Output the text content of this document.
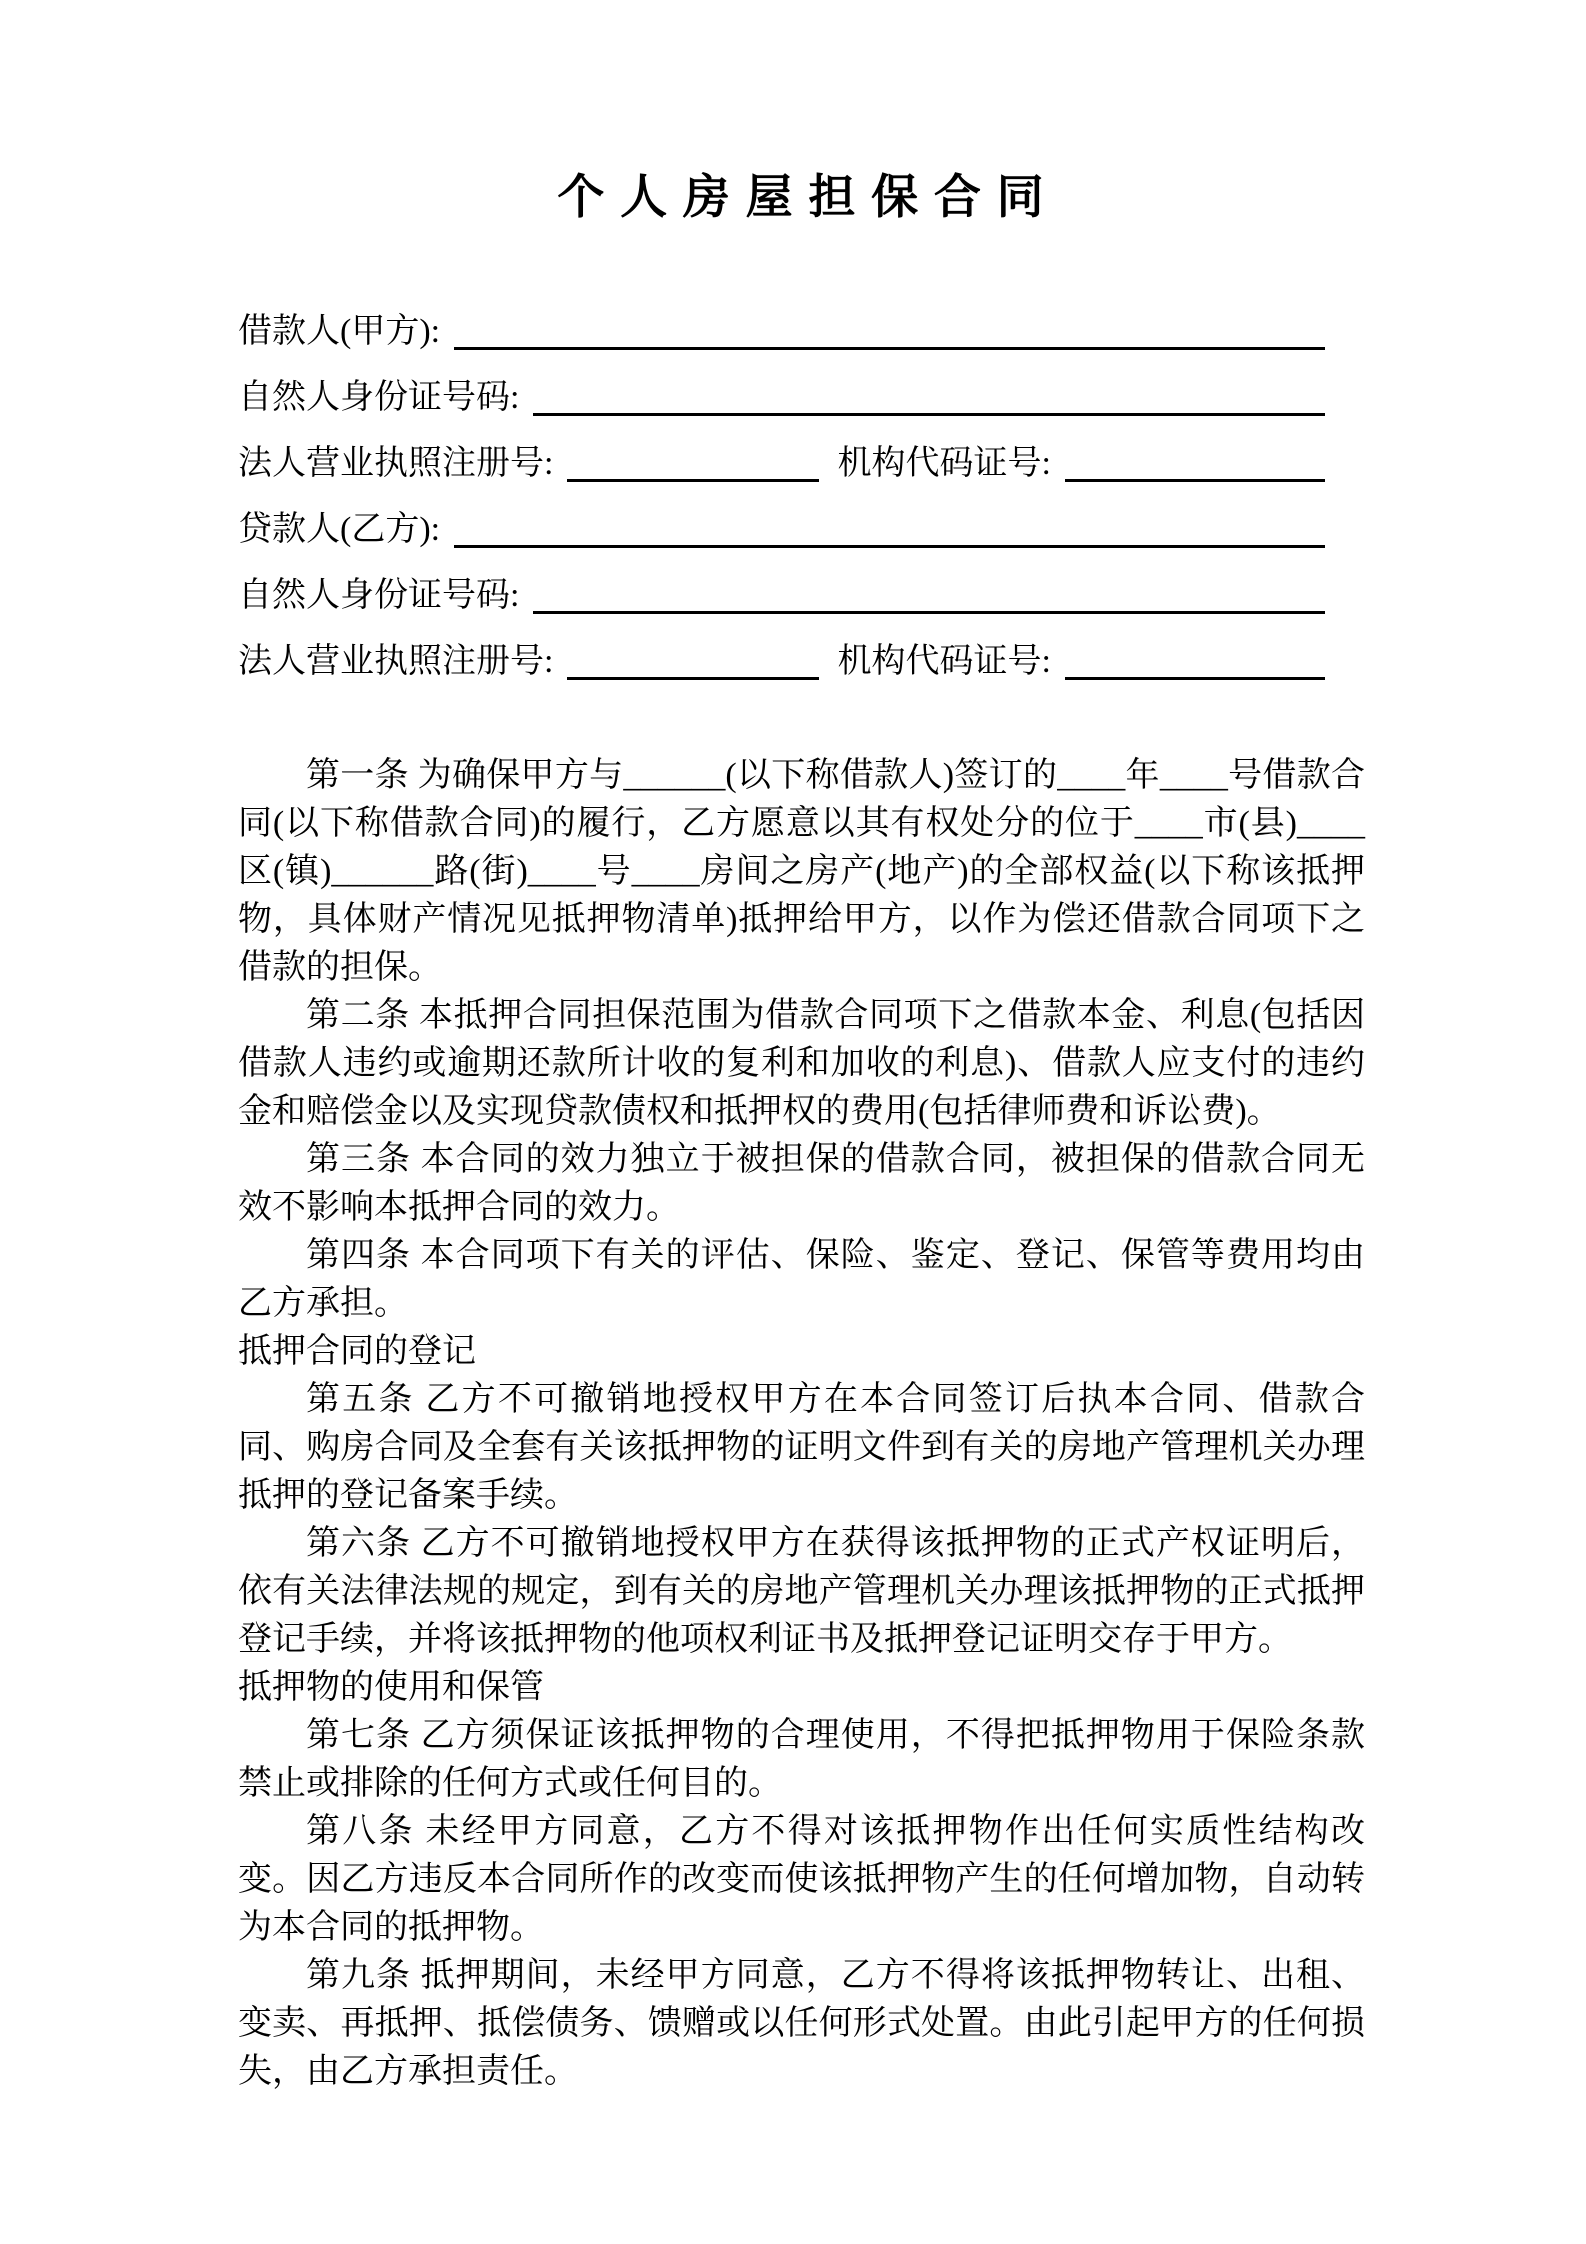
个 人 房 屋 担 保 合 同
借款人(甲方):
自然人身份证号码:
法人营业执照注册号:	机构代码证号:
贷款人(乙方):
自然人身份证号码:
法人营业执照注册号:	机构代码证号:

第一条 为确保甲方与______(以下称借款人)签订的____年____号借款合同(以下称借款合同)的履行，乙方愿意以其有权处分的位于____市(县)____区(镇)______路(街)____号____房间之房产(地产)的全部权益(以下称该抵押物，具体财产情况见抵押物清单)抵押给甲方，以作为偿还借款合同项下之借款的担保。

第二条 本抵押合同担保范围为借款合同项下之借款本金、利息(包括因借款人违约或逾期还款所计收的复利和加收的利息)、借款人应支付的违约金和赔偿金以及实现贷款债权和抵押权的费用(包括律师费和诉讼费)。

第三条 本合同的效力独立于被担保的借款合同，被担保的借款合同无效不影响本抵押合同的效力。

第四条 本合同项下有关的评估、保险、鉴定、登记、保管等费用均由乙方承担。

抵押合同的登记

第五条 乙方不可撤销地授权甲方在本合同签订后执本合同、借款合同、购房合同及全套有关该抵押物的证明文件到有关的房地产管理机关办理抵押的登记备案手续。

第六条 乙方不可撤销地授权甲方在获得该抵押物的正式产权证明后，依有关法律法规的规定，到有关的房地产管理机关办理该抵押物的正式抵押登记手续，并将该抵押物的他项权利证书及抵押登记证明交存于甲方。

抵押物的使用和保管

第七条 乙方须保证该抵押物的合理使用，不得把抵押物用于保险条款禁止或排除的任何方式或任何目的。

第八条 未经甲方同意，乙方不得对该抵押物作出任何实质性结构改变。因乙方违反本合同所作的改变而使该抵押物产生的任何增加物，自动转为本合同的抵押物。

第九条 抵押期间，未经甲方同意，乙方不得将该抵押物转让、出租、变卖、再抵押、抵偿债务、馈赠或以任何形式处置。由此引起甲方的任何损失，由乙方承担责任。
